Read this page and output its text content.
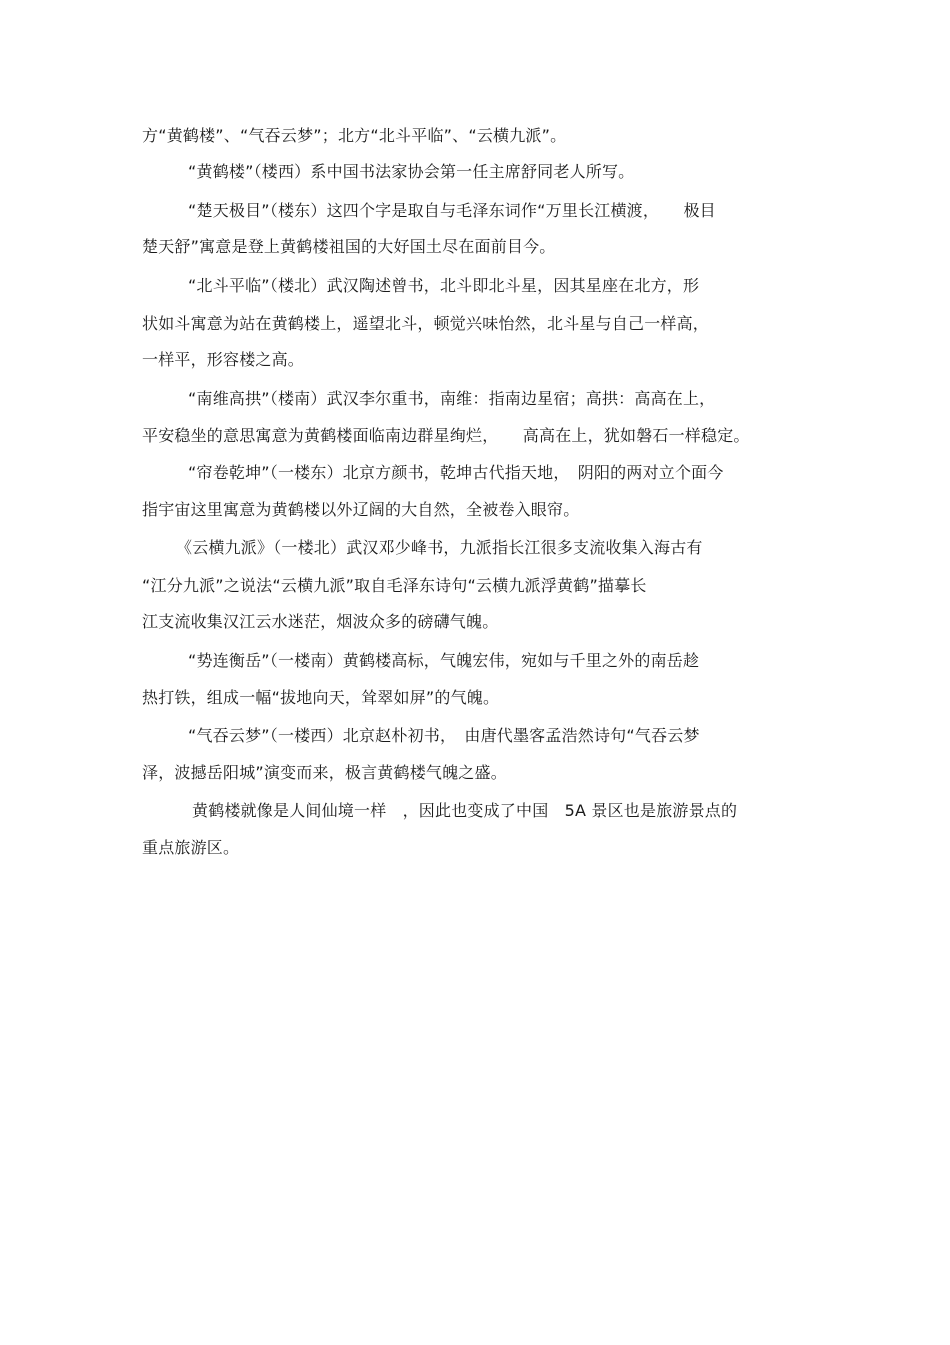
方“黄鹤楼”、“气吞云梦”；北方“北斗平临”、“云横九派”。
“黄鹤楼”（楼西）系中国书法家协会第一任主席舒同老人所写。
“楚天极目”（楼东）这四个字是取自与毛泽东词作“万里长江横渡，　　极目
楚天舒”寓意是登上黄鹤楼祖国的大好国土尽在面前目今。
“北斗平临”（楼北）武汉陶述曾书，北斗即北斗星，因其星座在北方，形
状如斗寓意为站在黄鹤楼上，遥望北斗，顿觉兴味怡然，北斗星与自己一样高，
一样平，形容楼之高。
“南维高拱”（楼南）武汉李尔重书，南维：指南边星宿；高拱：高高在上，
平安稳坐的意思寓意为黄鹤楼面临南边群星绚烂，　　高高在上，犹如磐石一样稳定。
“帘卷乾坤”（一楼东）北京方颜书，乾坤古代指天地，　阴阳的两对立个面今
指宇宙这里寓意为黄鹤楼以外辽阔的大自然，全被卷入眼帘。
《云横九派》（一楼北）武汉邓少峰书，九派指长江很多支流收集入海古有
“江分九派”之说法“云横九派”取自毛泽东诗句“云横九派浮黄鹤”描摹长
江支流收集汉江云水迷茫，烟波众多的磅礴气魄。
“势连衡岳”（一楼南）黄鹤楼高标，气魄宏伟，宛如与千里之外的南岳趁
热打铁，组成一幅“拔地向天，耸翠如屏”的气魄。
“气吞云梦”（一楼西）北京赵朴初书，　由唐代墨客孟浩然诗句“气吞云梦
泽，波撼岳阳城”演变而来，极言黄鹤楼气魄之盛。
黄鹤楼就像是人间仙境一样　，因此也变成了中国　5A 景区也是旅游景点的
重点旅游区。
